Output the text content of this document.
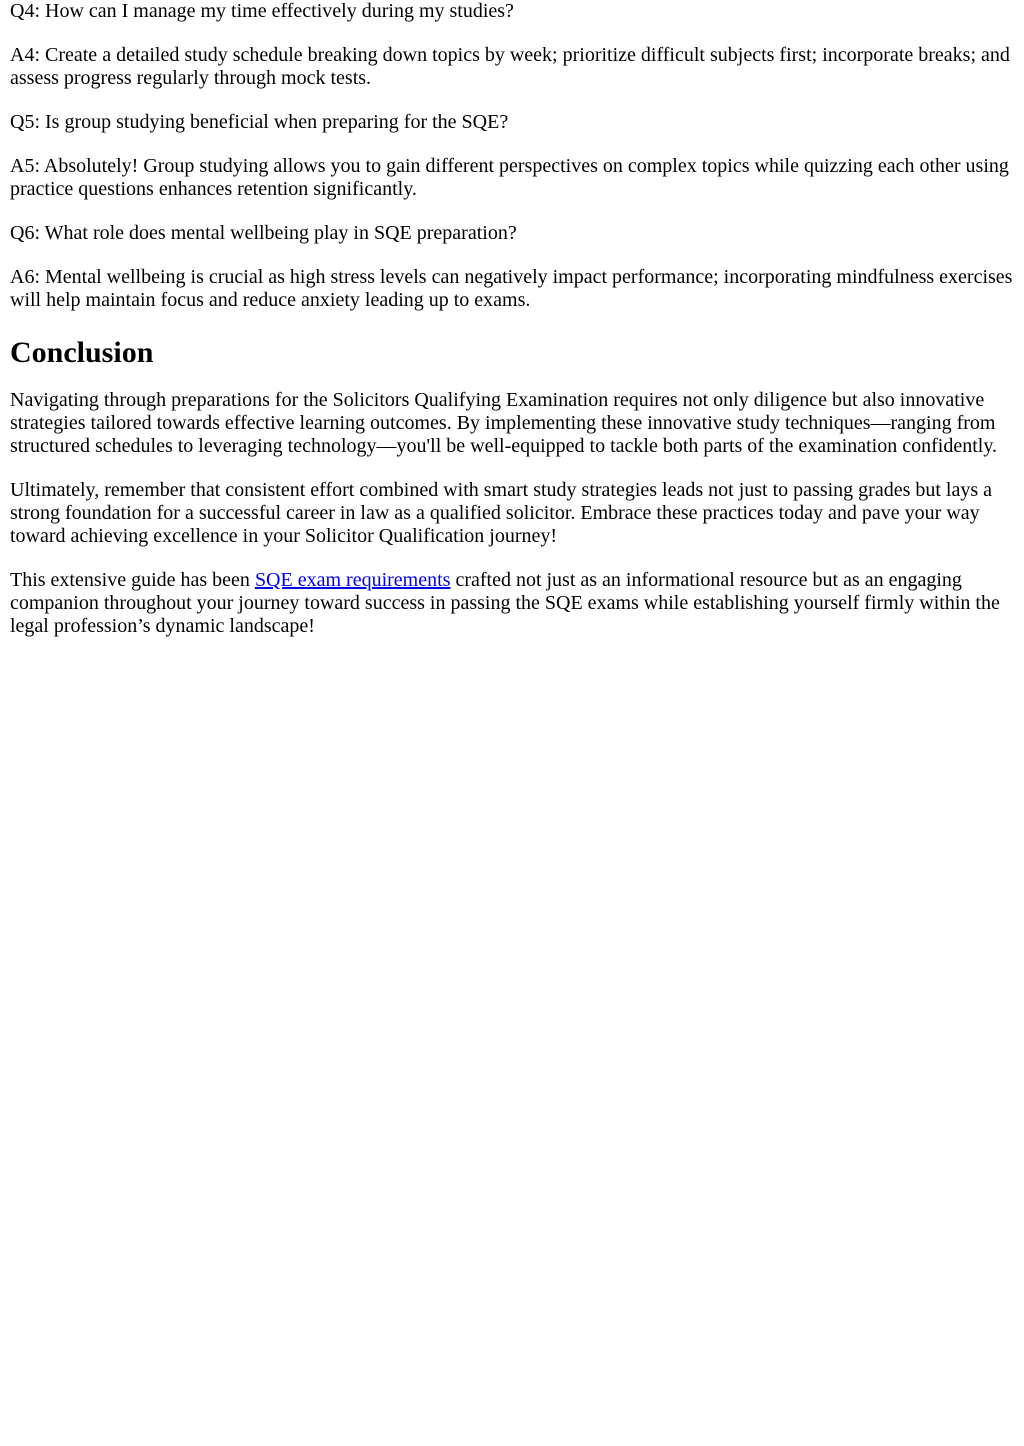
Q4: How can I manage my time effectively during my studies?

A4: Create a detailed study schedule breaking down topics by week; prioritize difficult subjects first; incorporate breaks; and assess progress regularly through mock tests.

Q5: Is group studying beneficial when preparing for the SQE?

A5: Absolutely! Group studying allows you to gain different perspectives on complex topics while quizzing each other using practice questions enhances retention significantly.

Q6: What role does mental wellbeing play in SQE preparation?

A6: Mental wellbeing is crucial as high stress levels can negatively impact performance; incorporating mindfulness exercises will help maintain focus and reduce anxiety leading up to exams.

Conclusion

Navigating through preparations for the Solicitors Qualifying Examination requires not only diligence but also innovative strategies tailored towards effective learning outcomes. By implementing these innovative study techniques—ranging from structured schedules to leveraging technology—you'll be well-equipped to tackle both parts of the examination confidently.

Ultimately, remember that consistent effort combined with smart study strategies leads not just to passing grades but lays a strong foundation for a successful career in law as a qualified solicitor. Embrace these practices today and pave your way toward achieving excellence in your Solicitor Qualification journey!

This extensive guide has been SQE exam requirements crafted not just as an informational resource but as an engaging companion throughout your journey toward success in passing the SQE exams while establishing yourself firmly within the legal profession’s dynamic landscape!
